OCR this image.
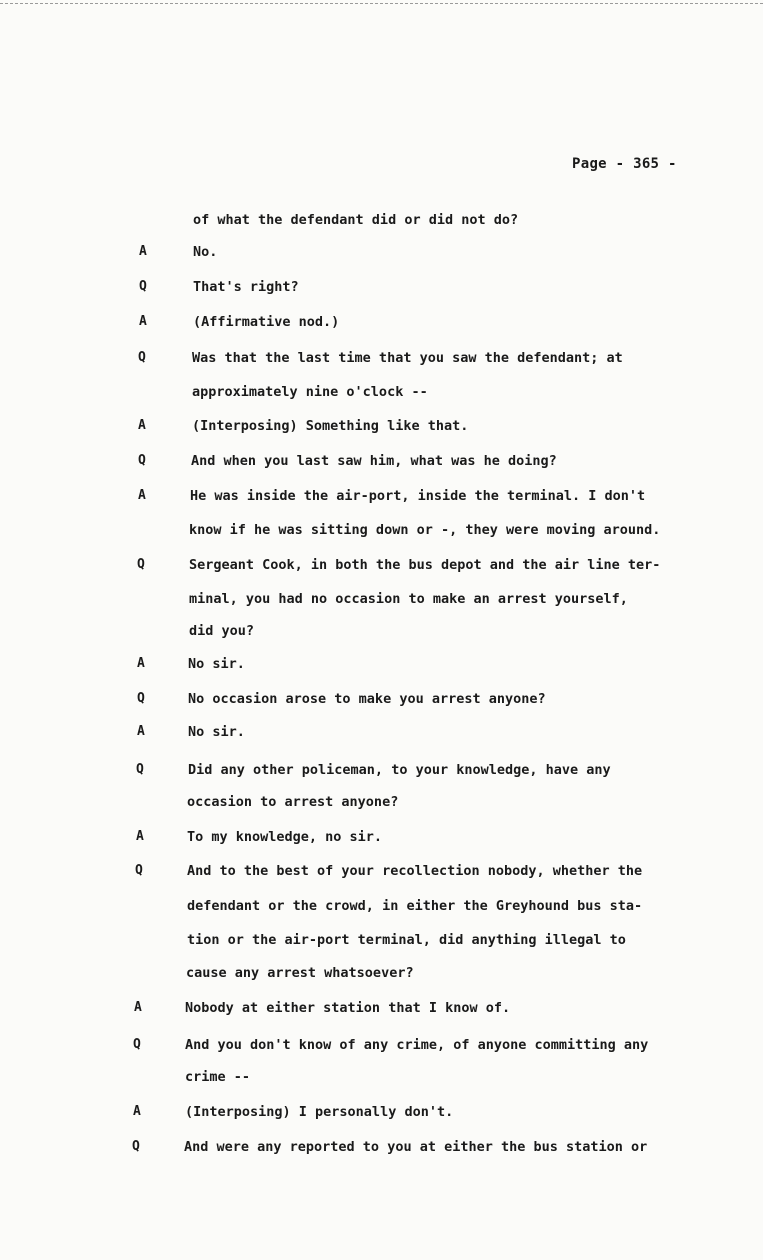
Page - 365 -
of what the defendant did or did not do?
A	No.
Q	That's right?
A	(Affirmative nod.)
Q	Was that the last time that you saw the defendant; at
approximately nine o'clock --
A	(Interposing) Something like that.
Q	And when you last saw him, what was he doing?
A	He was inside the air-port, inside the terminal. I don't
know if he was sitting down or -, they were moving around.
Q	Sergeant Cook, in both the bus depot and the air line ter-
minal, you had no occasion to make an arrest yourself,
did you?
A	No sir.
Q	No occasion arose to make you arrest anyone?
A	No sir.
Q	Did any other policeman, to your knowledge, have any
occasion to arrest anyone?
A	To my knowledge, no sir.
Q	And to the best of your recollection nobody, whether the
defendant or the crowd, in either the Greyhound bus sta-
tion or the air-port terminal, did anything illegal to
cause any arrest whatsoever?
A	Nobody at either station that I know of.
Q	And you don't know of any crime, of anyone committing any
crime --
A	(Interposing) I personally don't.
Q	And were any reported to you at either the bus station or
